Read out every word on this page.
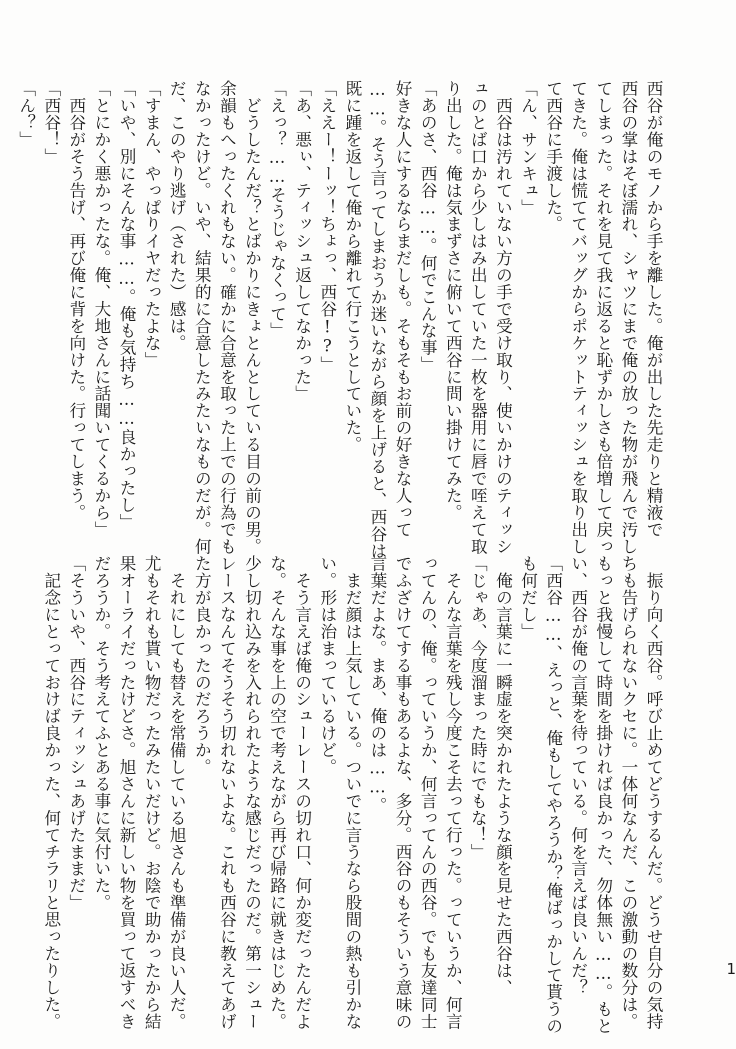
西谷が俺のモノから手を離した。俺が出した先走りと精液で
西谷の掌はそぼ濡れ、シャツにまで俺の放った物が飛んで汚し
てしまった。それを見て我に返ると恥ずかしさも倍増して戻っ
てきた。俺は慌ててバッグからポケットティッシュを取り出し
て西谷に手渡した。
「ん、サンキュ」
　西谷は汚れていない方の手で受け取り、使いかけのティッシ
ュのとば口から少しはみ出していた一枚を器用に唇で咥えて取
り出した。俺は気まずさに俯いて西谷に問い掛けてみた。
「あのさ、西谷……。何でこんな事」
好きな人にするならまだしも。そもそもお前の好きな人って
……。そう言ってしまおうか迷いながら顔を上げると、西谷は
既に踵を返して俺から離れて行こうとしていた。
「ええー！ーッ！ちょっ、西谷!?」
「あ、悪ぃ、ティッシュ返してなかった」
「えっ？……そうじゃなくって」
　どうしたんだ？とばかりにきょとんとしている目の前の男。
余韻もへったくれもない。確かに合意を取った上での行為でも
なかったけど。いや、結果的に合意したみたいなものだが。何
だ、このやり逃げ（された）感は。
「すまん、やっぱりイヤだったよな」
「いや、別にそんな事……。俺も気持ち……良かったし」
「とにかく悪かったな。俺、大地さんに話聞いてくるから」
　西谷がそう告げ、再び俺に背を向けた。行ってしまう。
「西谷！」
「ん？」
　振り向く西谷。呼び止めてどうするんだ。どうせ自分の気持
ちも告げられないクセに。一体何なんだ、この激動の数分は。
もっと我慢して時間を掛ければ良かった、勿体無い……。もと
い、西谷が俺の言葉を待っている。何を言えば良いんだ？
「西谷……、えっと、俺もしてやろうか？俺ばっかして貰うの
も何だし」
　俺の言葉に一瞬虚を突かれたような顔を見せた西谷は、
「じゃあ、今度溜まった時にでもな！」
　そんな言葉を残し今度こそ去って行った。っていうか、何言
ってんの、俺。っていうか、何言ってんの西谷。でも友達同士
でふざけてする事もあるよな、多分。西谷のもそういう意味の
言葉だよな。まあ、俺のは……。
　まだ顔は上気している。ついでに言うなら股間の熱も引かな
い。形は治まっているけど。
　そう言えば俺のシューレースの切れ口、何か変だったんだよ
な。そんな事を上の空で考えながら再び帰路に就きはじめた。
少し切れ込みを入れられたような感じだったのだ。第一シュー
レースなんてそうそう切れないよな。これも西谷に教えてあげ
た方が良かったのだろうか。
　それにしても替えを常備している旭さんも準備が良い人だ。
尤もそれも貰い物だったみたいだけど。お陰で助かったから結
果オーライだったけどさ。旭さんに新しい物を買って返すべき
だろうか。そう考えてふとある事に気付いた。
「そういや、西谷にティッシュあげたままだ」
　記念にとっておけば良かった、何てチラリと思ったりした。	1
